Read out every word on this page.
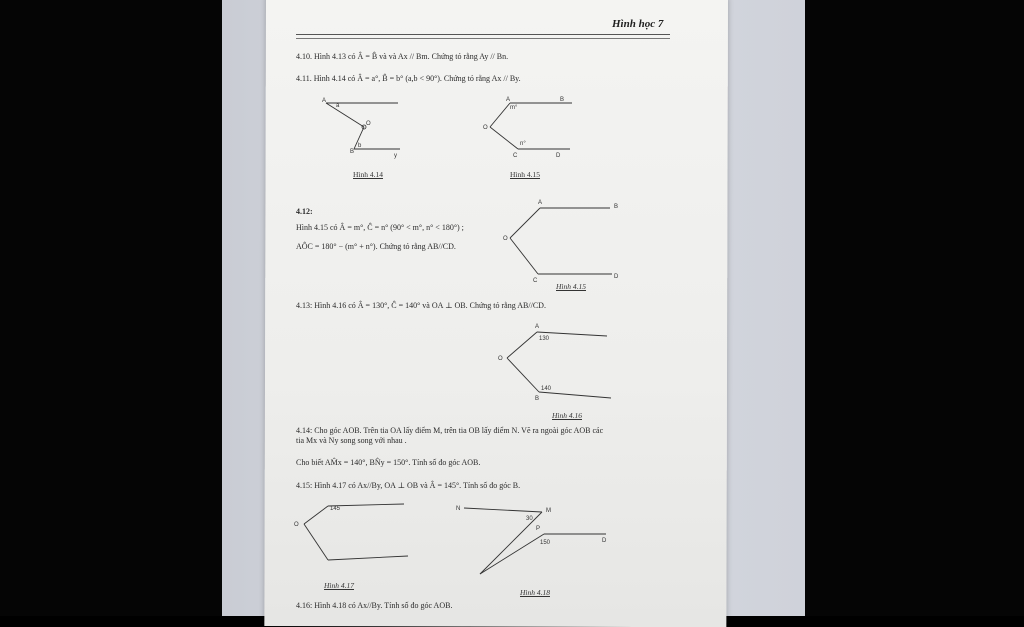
Hình học 7
4.10. Hình 4.13 có Â = B̂ và và Ax // Bm. Chứng tỏ rằng Ay // Bn.
4.11. Hình 4.14 có Â = a°, B̂ = b° (a,b < 90°). Chứng tỏ rằng Ax // By.
A
B
O
y
a
b
Hình 4.14
A	B
O
C	D
m°
n°
Hình 4.15
4.12:
Hình 4.15 có Â = m°, Ĉ = n° (90° < m°, n° < 180°) ;
AÔC = 180° − (m° + n°). Chứng tỏ rằng AB//CD.
A
B
O
C
D
Hình 4.15
4.13: Hình 4.16 có Â = 130°, Ĉ = 140° và OA ⊥ OB. Chứng tỏ rằng AB//CD.
A
O
B
130
140
Hình 4.16
4.14: Cho góc AOB. Trên tia OA lấy điểm M, trên tia OB lấy điểm N. Vẽ ra ngoài góc AOB các
tia Mx và Ny song song với nhau .
Cho biết AM̂x = 140°, BN̂y = 150°. Tính số đo góc AOB.
4.15: Hình 4.17 có Ax//By, OA ⊥ OB và Â = 145°. Tính số đo góc B.
O
145
Hình 4.17
N	M
P
D
30
150
Hình 4.18
4.16: Hình 4.18 có Ax//By. Tính số đo góc AOB.
